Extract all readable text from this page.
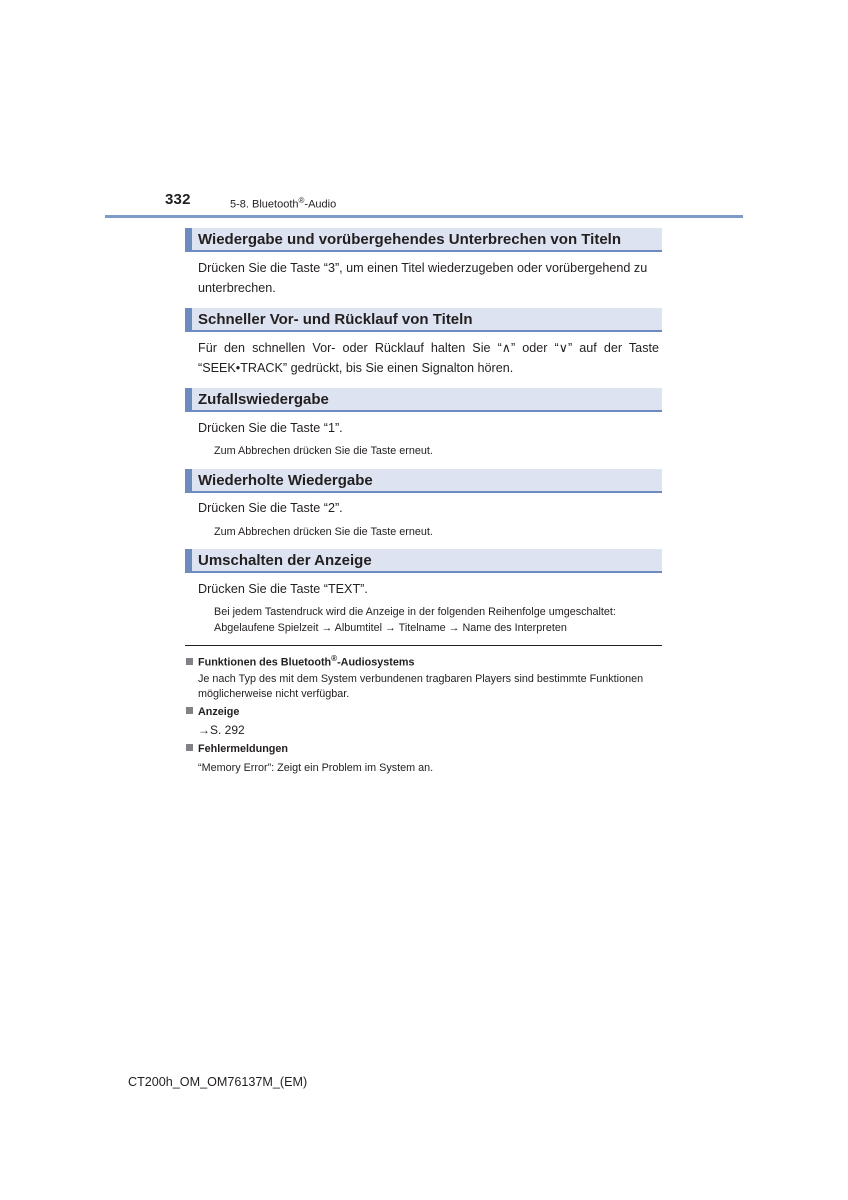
332	5-8. Bluetooth®-Audio
Wiedergabe und vorübergehendes Unterbrechen von Titeln
Drücken Sie die Taste “3”, um einen Titel wiederzugeben oder vorübergehend zu unterbrechen.
Schneller Vor- und Rücklauf von Titeln
Für den schnellen Vor- oder Rücklauf halten Sie “∧” oder “∨” auf der Taste “SEEK•TRACK” gedrückt, bis Sie einen Signalton hören.
Zufallswiedergabe
Drücken Sie die Taste “1”.
Zum Abbrechen drücken Sie die Taste erneut.
Wiederholte Wiedergabe
Drücken Sie die Taste “2”.
Zum Abbrechen drücken Sie die Taste erneut.
Umschalten der Anzeige
Drücken Sie die Taste “TEXT”.
Bei jedem Tastendruck wird die Anzeige in der folgenden Reihenfolge umgeschaltet:
Abgelaufene Spielzeit → Albumtitel → Titelname → Name des Interpreten
Funktionen des Bluetooth®-Audiosystems
Je nach Typ des mit dem System verbundenen tragbaren Players sind bestimmte Funktionen möglicherweise nicht verfügbar.
Anzeige
→S. 292
Fehlermeldungen
“Memory Error”: Zeigt ein Problem im System an.
CT200h_OM_OM76137M_(EM)
